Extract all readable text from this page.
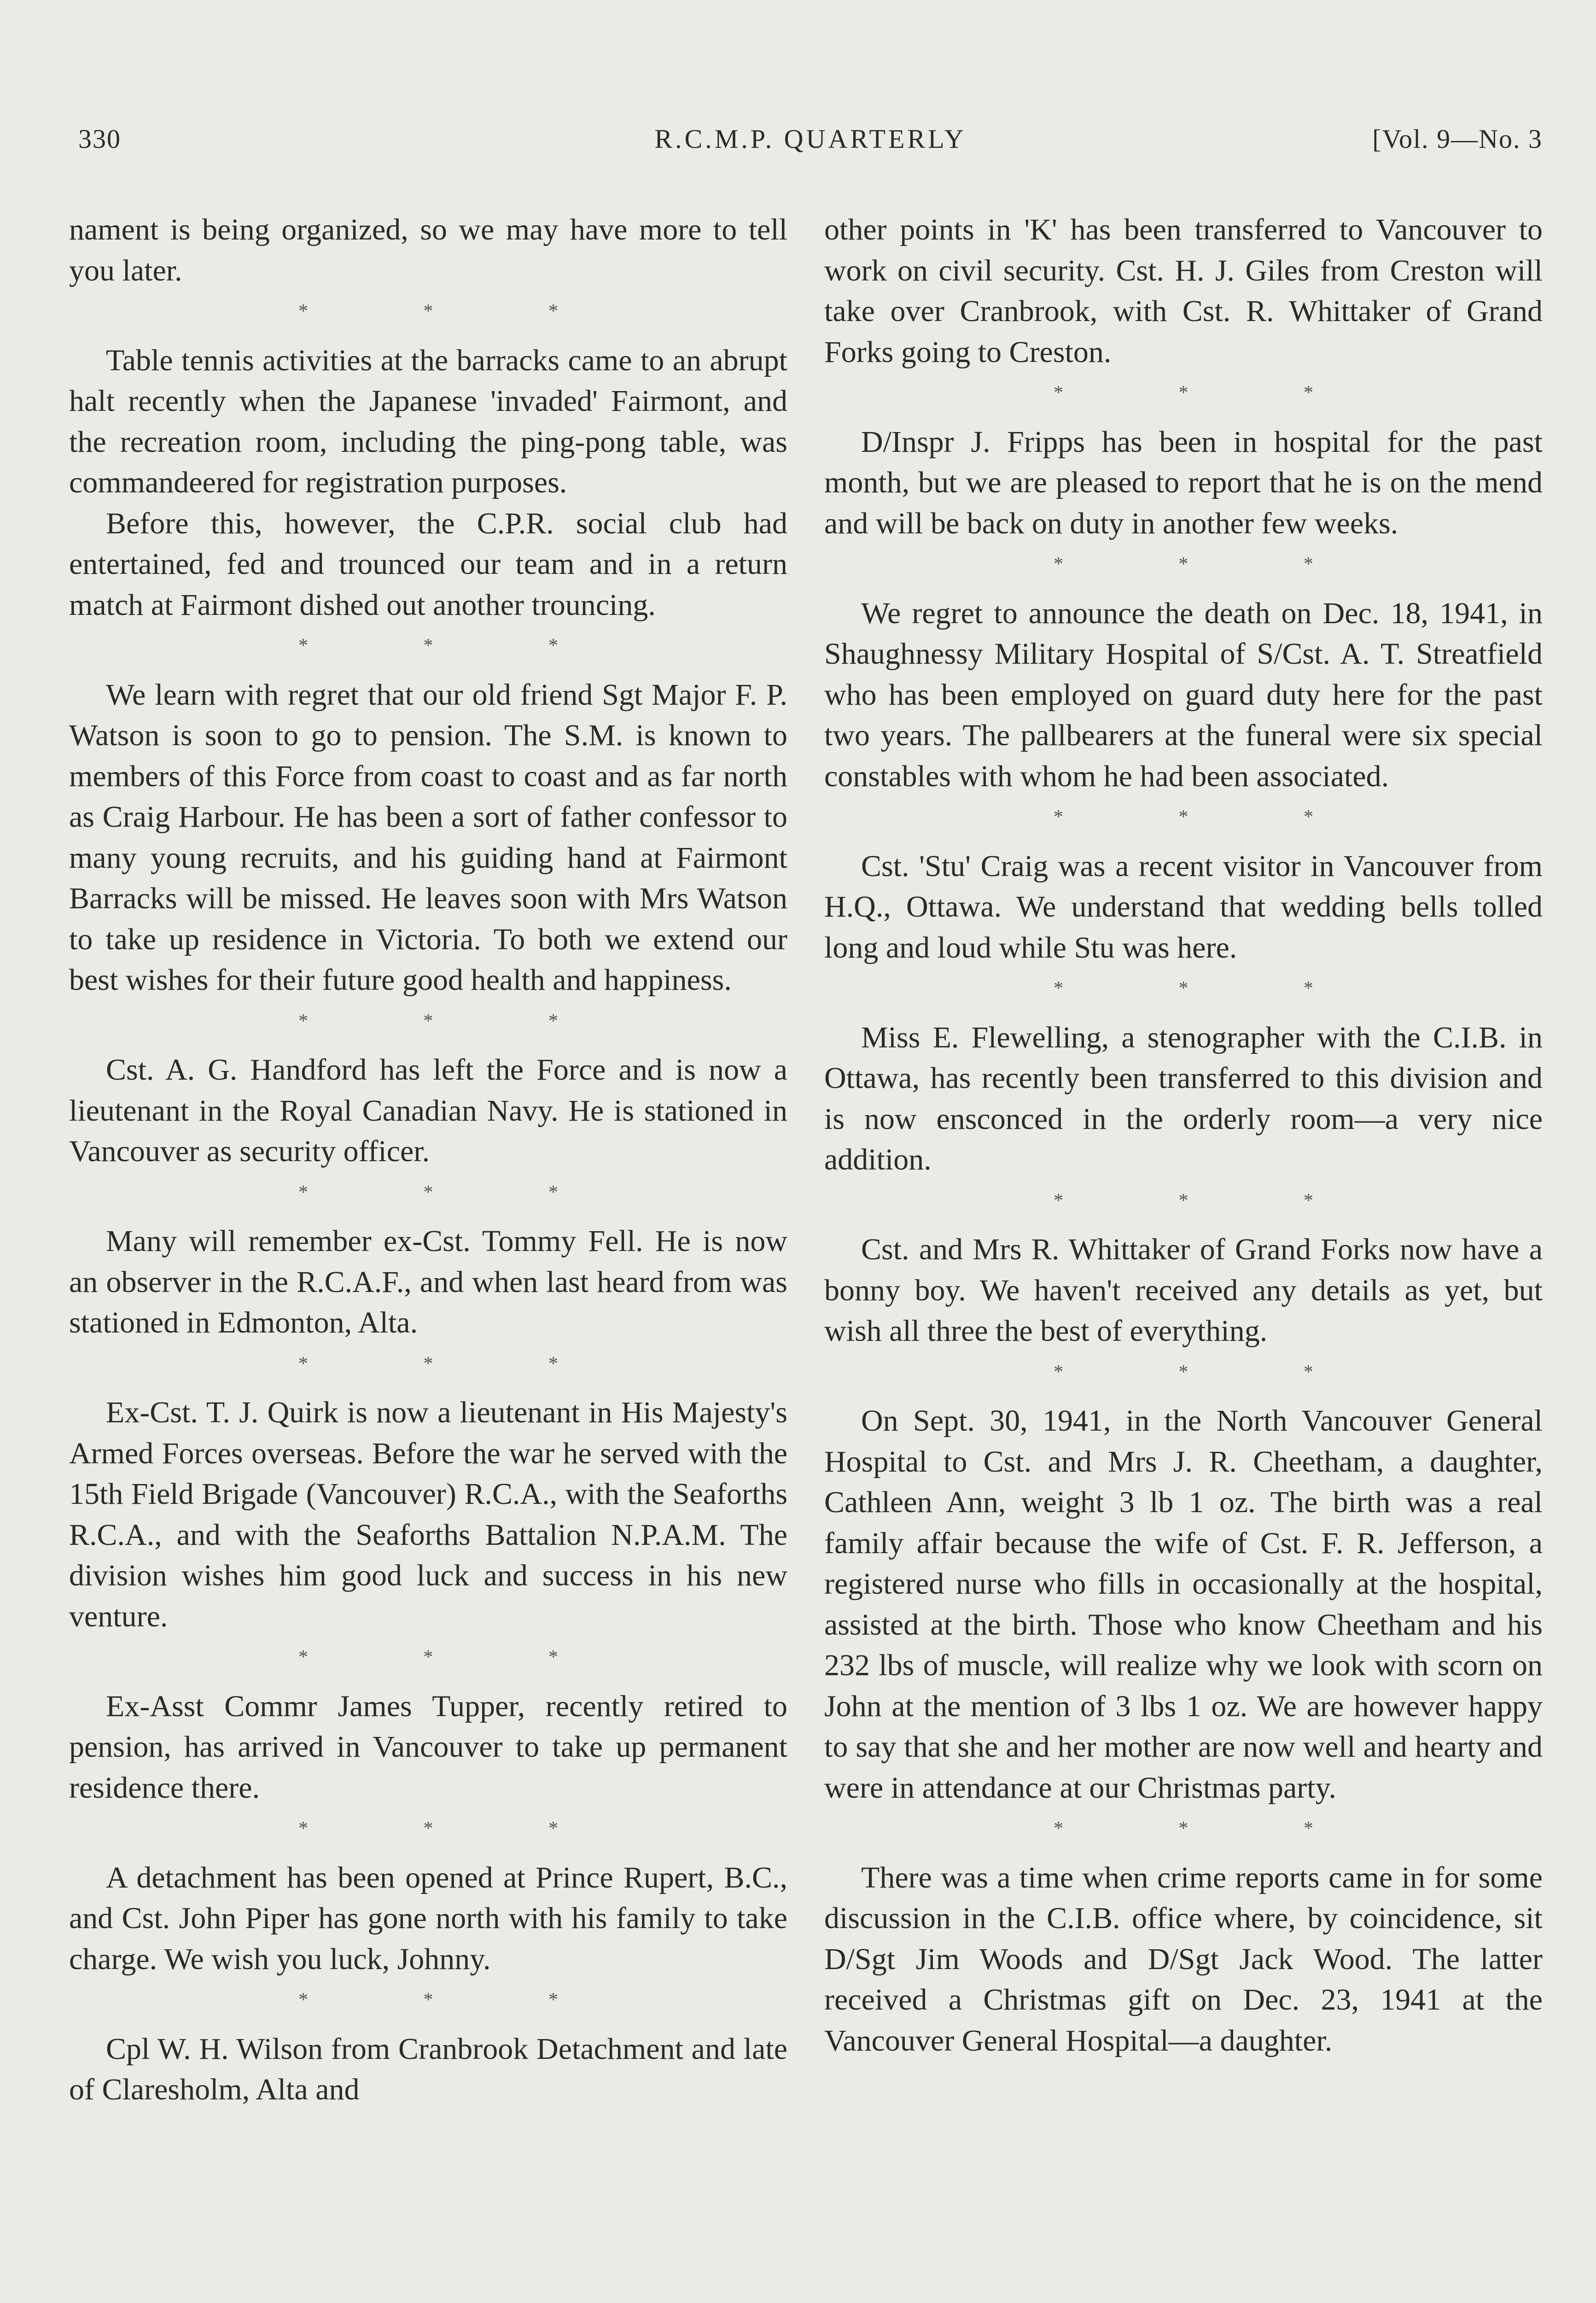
330	R.C.M.P. QUARTERLY	[Vol. 9—No. 3

nament is being organized, so we may have more to tell you later.

* * *

Table tennis activities at the barracks came to an abrupt halt recently when the Japanese 'invaded' Fairmont, and the recreation room, including the ping-pong table, was commandeered for registration purposes.

Before this, however, the C.P.R. social club had entertained, fed and trounced our team and in a return match at Fairmont dished out another trouncing.

* * *

We learn with regret that our old friend Sgt Major F. P. Watson is soon to go to pension. The S.M. is known to members of this Force from coast to coast and as far north as Craig Harbour. He has been a sort of father confessor to many young recruits, and his guiding hand at Fairmont Barracks will be missed. He leaves soon with Mrs Watson to take up residence in Victoria. To both we extend our best wishes for their future good health and happiness.

* * *

Cst. A. G. Handford has left the Force and is now a lieutenant in the Royal Canadian Navy. He is stationed in Vancouver as security officer.

* * *

Many will remember ex-Cst. Tommy Fell. He is now an observer in the R.C.A.F., and when last heard from was stationed in Edmonton, Alta.

* * *

Ex-Cst. T. J. Quirk is now a lieutenant in His Majesty's Armed Forces overseas. Before the war he served with the 15th Field Brigade (Vancouver) R.C.A., with the Seaforths R.C.A., and with the Seaforths Battalion N.P.A.M. The division wishes him good luck and success in his new venture.

* * *

Ex-Asst Commr James Tupper, recently retired to pension, has arrived in Vancouver to take up permanent residence there.

* * *

A detachment has been opened at Prince Rupert, B.C., and Cst. John Piper has gone north with his family to take charge. We wish you luck, Johnny.

* * *

Cpl W. H. Wilson from Cranbrook Detachment and late of Claresholm, Alta and

other points in 'K' has been transferred to Vancouver to work on civil security. Cst. H. J. Giles from Creston will take over Cranbrook, with Cst. R. Whittaker of Grand Forks going to Creston.

* * *

D/Inspr J. Fripps has been in hospital for the past month, but we are pleased to report that he is on the mend and will be back on duty in another few weeks.

* * *

We regret to announce the death on Dec. 18, 1941, in Shaughnessy Military Hospital of S/Cst. A. T. Streatfield who has been employed on guard duty here for the past two years. The pallbearers at the funeral were six special constables with whom he had been associated.

* * *

Cst. 'Stu' Craig was a recent visitor in Vancouver from H.Q., Ottawa. We understand that wedding bells tolled long and loud while Stu was here.

* * *

Miss E. Flewelling, a stenographer with the C.I.B. in Ottawa, has recently been transferred to this division and is now ensconced in the orderly room—a very nice addition.

* * *

Cst. and Mrs R. Whittaker of Grand Forks now have a bonny boy. We haven't received any details as yet, but wish all three the best of everything.

* * *

On Sept. 30, 1941, in the North Vancouver General Hospital to Cst. and Mrs J. R. Cheetham, a daughter, Cathleen Ann, weight 3 lb 1 oz. The birth was a real family affair because the wife of Cst. F. R. Jefferson, a registered nurse who fills in occasionally at the hospital, assisted at the birth. Those who know Cheetham and his 232 lbs of muscle, will realize why we look with scorn on John at the mention of 3 lbs 1 oz. We are however happy to say that she and her mother are now well and hearty and were in attendance at our Christmas party.

* * *

There was a time when crime reports came in for some discussion in the C.I.B. office where, by coincidence, sit D/Sgt Jim Woods and D/Sgt Jack Wood. The latter received a Christmas gift on Dec. 23, 1941 at the Vancouver General Hospital—a daughter.
